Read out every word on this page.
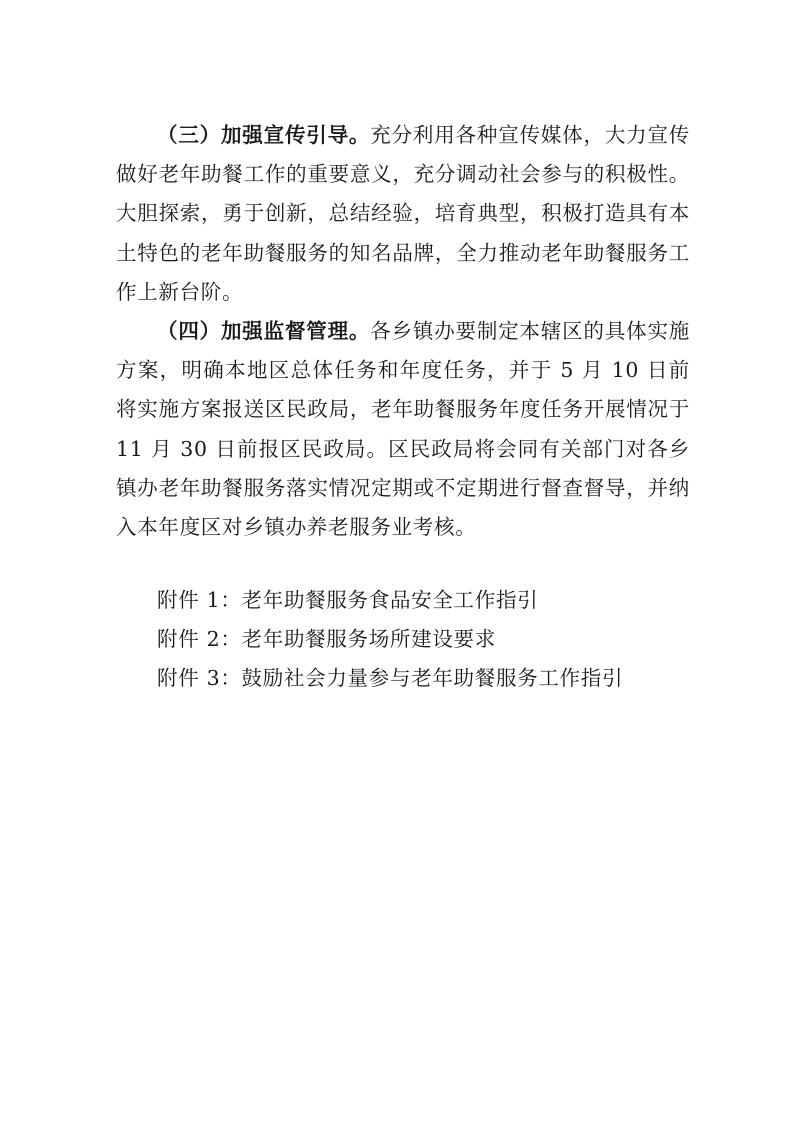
（三）加强宣传引导。充分利用各种宣传媒体，大力宣传做好老年助餐工作的重要意义，充分调动社会参与的积极性。大胆探索，勇于创新，总结经验，培育典型，积极打造具有本土特色的老年助餐服务的知名品牌，全力推动老年助餐服务工作上新台阶。

（四）加强监督管理。各乡镇办要制定本辖区的具体实施方案，明确本地区总体任务和年度任务，并于 5 月 10 日前将实施方案报送区民政局，老年助餐服务年度任务开展情况于 11 月 30 日前报区民政局。区民政局将会同有关部门对各乡镇办老年助餐服务落实情况定期或不定期进行督查督导，并纳入本年度区对乡镇办养老服务业考核。

附件 1：老年助餐服务食品安全工作指引
附件 2：老年助餐服务场所建设要求
附件 3：鼓励社会力量参与老年助餐服务工作指引
